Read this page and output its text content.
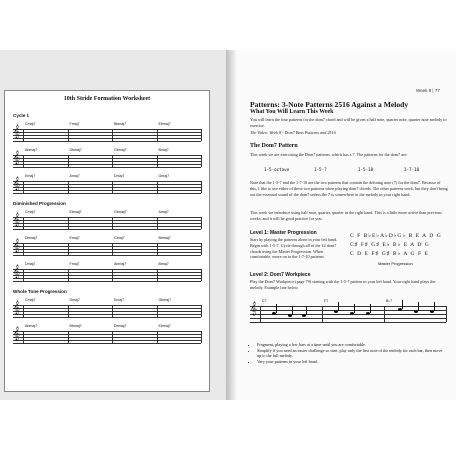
10th Stride Formation Worksheet
Cycle 1
𝄞 Cmaj7	Fmaj7	Bbmaj7	Ebmaj7
𝄞 Abmaj7	Dbmaj7	Gbmaj7	Bmaj7
𝄞 Emaj7	Amaj7	Dmaj7	Gmaj7
Diminished Progression
𝄞 Cmaj7	Ebmaj7	Gbmaj7	Amaj7
𝄞 Dbmaj7	Emaj7	Gmaj7	Bbmaj7
𝄞 Dmaj7	Fmaj7	Abmaj7	Bmaj7
Whole Tone Progression
𝄞 Cmaj7	Dmaj7	Emaj7	Gbmaj7
𝄞 Abmaj7	Bbmaj7	Dbmaj7	Ebmaj7
Week 8 | 77
Patterns: 3-Note Patterns 2516 Against a Melody
What You Will Learn This Week

You will learn the four patterns for the dom7 chord and will be given a half note, quarter note, quarter note melody to exercise.

The Video: Week 8 - Dom7 Bass Patterns and 2516

The Dom7 Pattern

This week we are exercising the Dom7 patterns, which has a 7. The patterns for the dom7 are:

1-5-octave	1-5-7	1-5-10	1-7-10

Note that the 1-5-7 and the 1-7-10 are the two patterns that contain the defining note (7) for the dom7. Because of this, I like to use either of these two patterns when playing dom7 chords. The other patterns work, but they don't bring out the essential sound of the dom7 unless the 7 is somewhere in the melody in your right hand.

This week we introduce using half note, quarter, quarter in the right hand. This is a little more active than previous weeks, and it will be good practice for you.

Level 1: Master Progression

Start by playing the patterns alone in your left hand. Begin with 1-5-7. Cycle through all of the 12 dom7 chords using the Master Progression. When comfortable, move on to the 1-7-10 patterns.

C F B♭E♭A♭D♭G♭ B E A D G
C♯ F♯ G♯ E♭ B♭ E A D G
C D E F♯ G♯ B♭ A G F E
Master Progression
Level 2: Dom7 Workpiece

Play the Dom7 Workpiece (page 79) starting with the 1-5-7 pattern in your left hand. Your right hand plays the melody. Example line below.

𝄞 C7	F7	B♭7
• Fragment, playing a few bars at a time until you are comfortable.
• Simplify if you need an easier challenge so start, play only the first note of the melody for each bar, then move up to the full melody.
• Vary your patterns in your left hand.
